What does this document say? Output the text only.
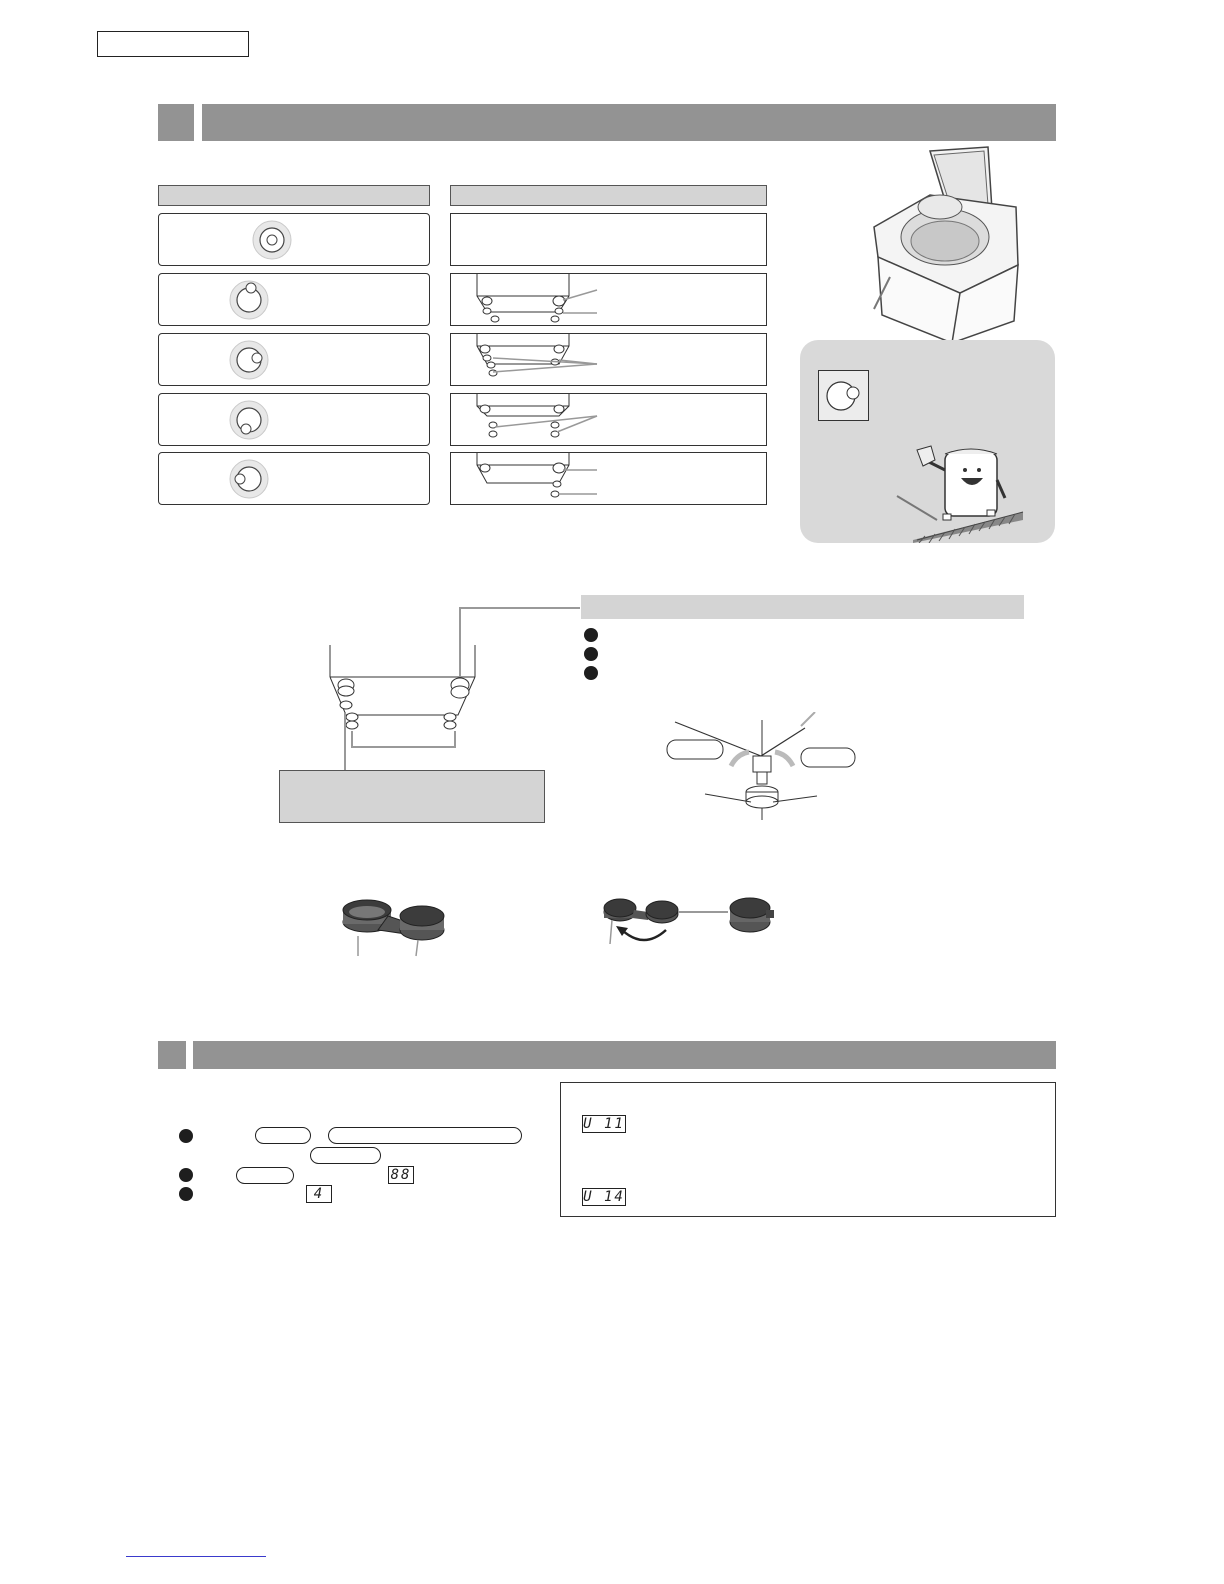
88
4
U 11
U 14
